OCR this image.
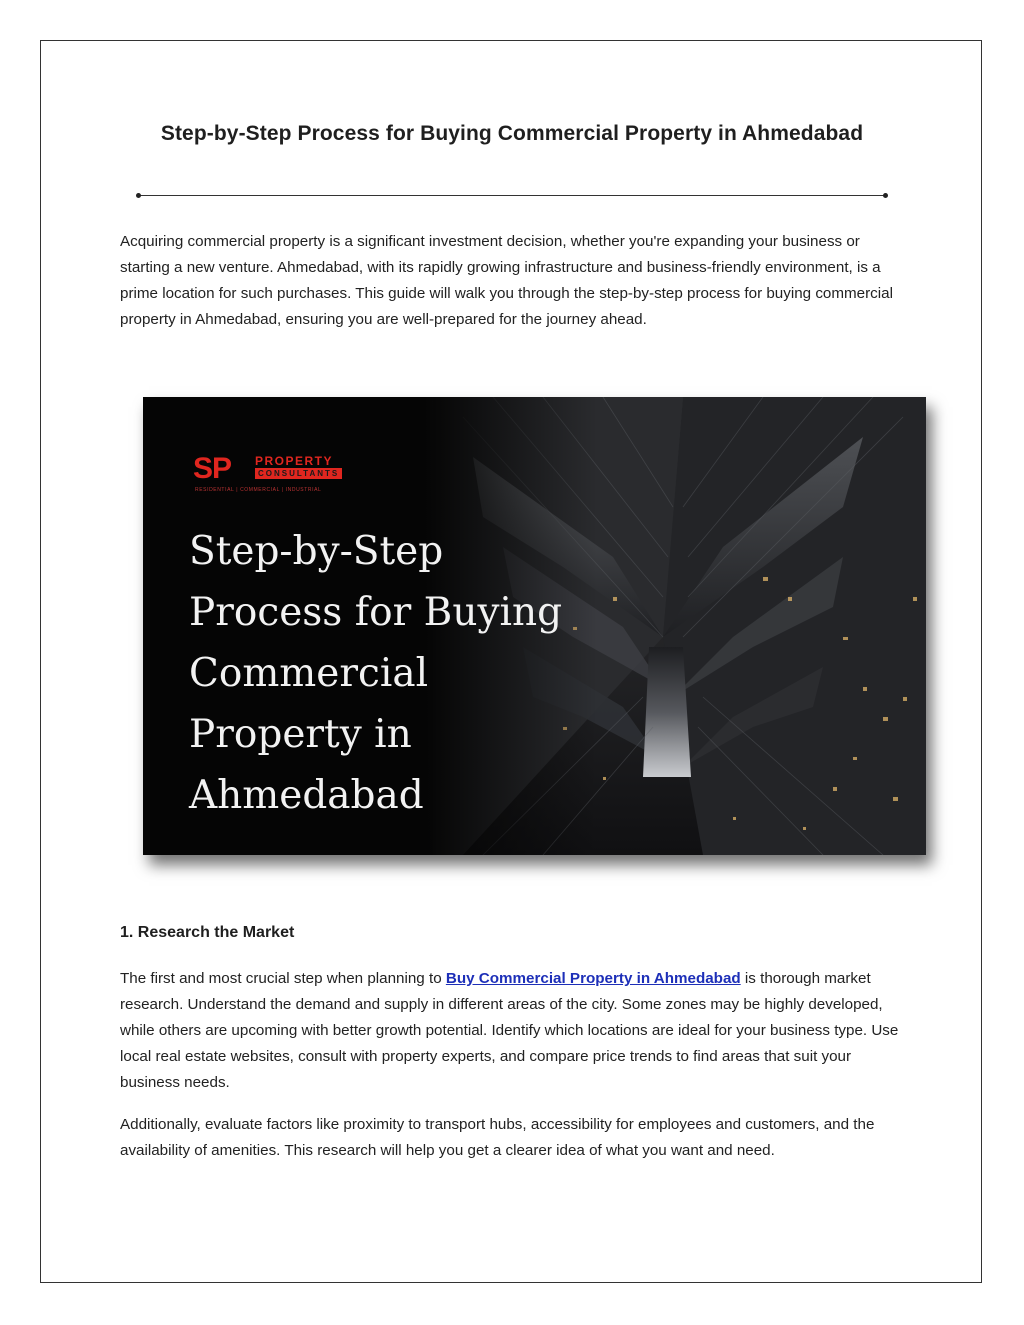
Step-by-Step Process for Buying Commercial Property in Ahmedabad

Acquiring commercial property is a significant investment decision, whether you're expanding your business or starting a new venture. Ahmedabad, with its rapidly growing infrastructure and business-friendly environment, is a prime location for such purchases. This guide will walk you through the step-by-step process for buying commercial property in Ahmedabad, ensuring you are well-prepared for the journey ahead.

SP PROPERTY
CONSULTANTS
RESIDENTIAL | COMMERCIAL | INDUSTRIAL
Step-by-Step
Process for Buying
Commercial
Property in
Ahmedabad
1. Research the Market

The first and most crucial step when planning to Buy Commercial Property in Ahmedabad is thorough market research. Understand the demand and supply in different areas of the city. Some zones may be highly developed, while others are upcoming with better growth potential. Identify which locations are ideal for your business type. Use local real estate websites, consult with property experts, and compare price trends to find areas that suit your business needs.

Additionally, evaluate factors like proximity to transport hubs, accessibility for employees and customers, and the availability of amenities. This research will help you get a clearer idea of what you want and need.
